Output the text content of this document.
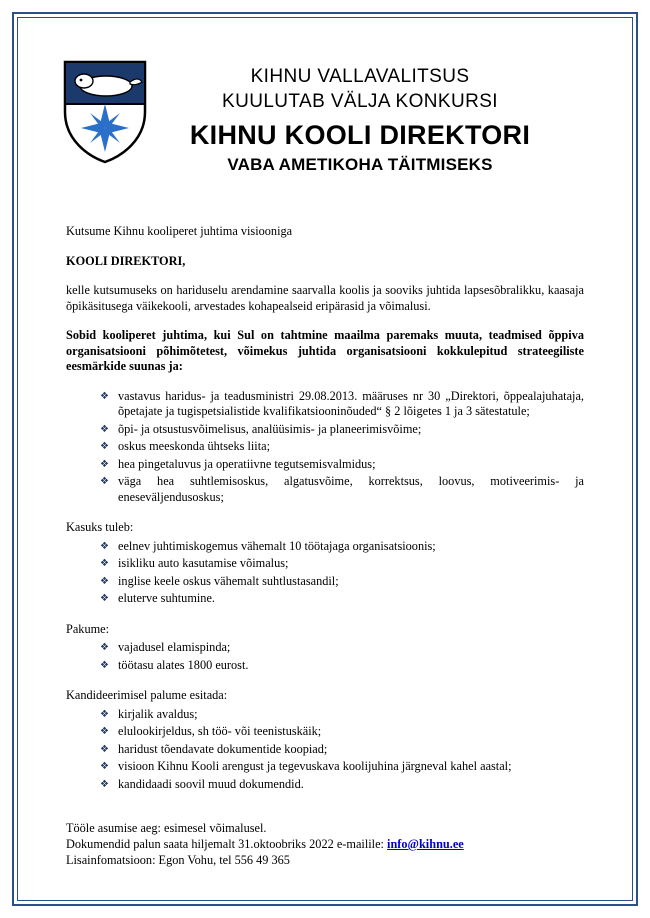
KIHNU VALLAVALITSUS
KUULUTAB VÄLJA KONKURSI
KIHNU KOOLI DIREKTORI
VABA AMETIKOHA TÄITMISEKS

Kutsume Kihnu kooliperet juhtima visiooniga

KOOLI DIREKTORI,

kelle kutsumuseks on hariduselu arendamine saarvalla koolis ja sooviks juhtida lapsesõbralikku, kaasaja õpikäsitusega väikekooli, arvestades kohapealseid eripärasid ja võimalusi.

Sobid kooliperet juhtima, kui Sul on tahtmine maailma paremaks muuta, teadmised õppiva organisatsiooni põhimõtetest, võimekus juhtida organisatsiooni kokkulepitud strateegiliste eesmärkide suunas ja:

❖ vastavus haridus- ja teadusministri 29.08.2013. määruses nr 30 „Direktori, õppealajuhataja, õpetajate ja tugispetsialistide kvalifikatsiooninõuded“ § 2 lõigetes 1 ja 3 sätestatule;
❖ õpi- ja otsustusvõimelisus, analüüsimis- ja planeerimisvõime;
❖ oskus meeskonda ühtseks liita;
❖ hea pingetaluvus ja operatiivne tegutsemisvalmidus;
❖ väga hea suhtlemisoskus, algatusvõime, korrektsus, loovus, motiveerimis- ja eneseväljendusoskus;

Kasuks tuleb:

❖ eelnev juhtimiskogemus vähemalt 10 töötajaga organisatsioonis;
❖ isikliku auto kasutamise võimalus;
❖ inglise keele oskus vähemalt suhtlustasandil;
❖ eluterve suhtumine.

Pakume:

❖ vajadusel elamispinda;
❖ töötasu alates 1800 eurost.

Kandideerimisel palume esitada:

❖ kirjalik avaldus;
❖ elulookirjeldus, sh töö- või teenistuskäik;
❖ haridust tõendavate dokumentide koopiad;
❖ visioon Kihnu Kooli arengust ja tegevuskava koolijuhina järgneval kahel aastal;
❖ kandidaadi soovil muud dokumendid.

Tööle asumise aeg: esimesel võimalusel.

Dokumendid palun saata hiljemalt 31.oktoobriks 2022 e-mailile: info@kihnu.ee

Lisainfomatsioon: Egon Vohu, tel 556 49 365
